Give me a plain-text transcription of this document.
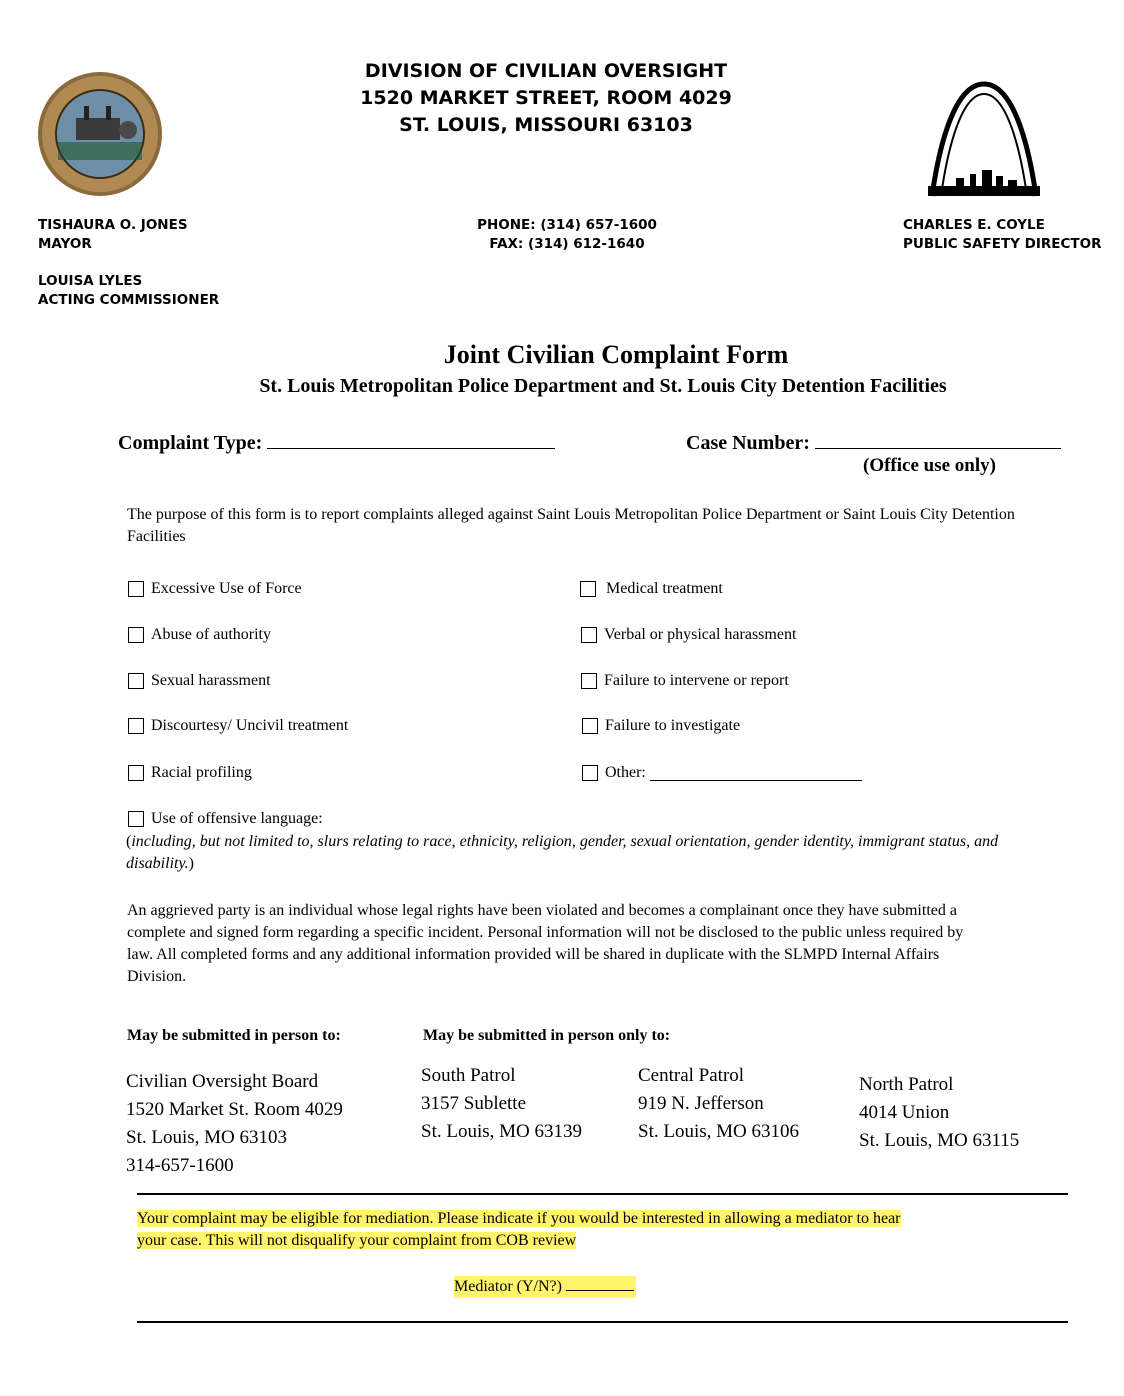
DIVISION OF CIVILIAN OVERSIGHT
1520 MARKET STREET, ROOM 4029
ST. LOUIS, MISSOURI 63103
TISHAURA O. JONES
MAYOR
PHONE: (314) 657-1600
FAX: (314) 612-1640
CHARLES E. COYLE
PUBLIC SAFETY DIRECTOR
LOUISA LYLES
ACTING COMMISSIONER
Joint Civilian Complaint Form
St. Louis Metropolitan Police Department and St. Louis City Detention Facilities
Complaint Type:	Case Number:
(Office use only)
The purpose of this form is to report complaints alleged against Saint Louis Metropolitan Police Department or Saint Louis City Detention Facilities
Excessive Use of Force
Abuse of authority
Sexual harassment
Discourtesy/ Uncivil treatment
Racial profiling
Medical treatment
Verbal or physical harassment
Failure to intervene or report
Failure to investigate
Other:
Use of offensive language:
(including, but not limited to, slurs relating to race, ethnicity, religion, gender, sexual orientation, gender identity, immigrant status, and disability.)
An aggrieved party is an individual whose legal rights have been violated and becomes a complainant once they have submitted a complete and signed form regarding a specific incident. Personal information will not be disclosed to the public unless required by law. All completed forms and any additional information provided will be shared in duplicate with the SLMPD Internal Affairs Division.
May be submitted in person to:	May be submitted in person only to:
Civilian Oversight Board
1520 Market St. Room 4029
St. Louis, MO 63103
314-657-1600
South Patrol
3157 Sublette
St. Louis, MO 63139
Central Patrol
919 N. Jefferson
St. Louis, MO 63106
North Patrol
4014 Union
St. Louis, MO 63115
Your complaint may be eligible for mediation. Please indicate if you would be interested in allowing a mediator to hear
your case. This will not disqualify your complaint from COB review
Mediator (Y/N?)
